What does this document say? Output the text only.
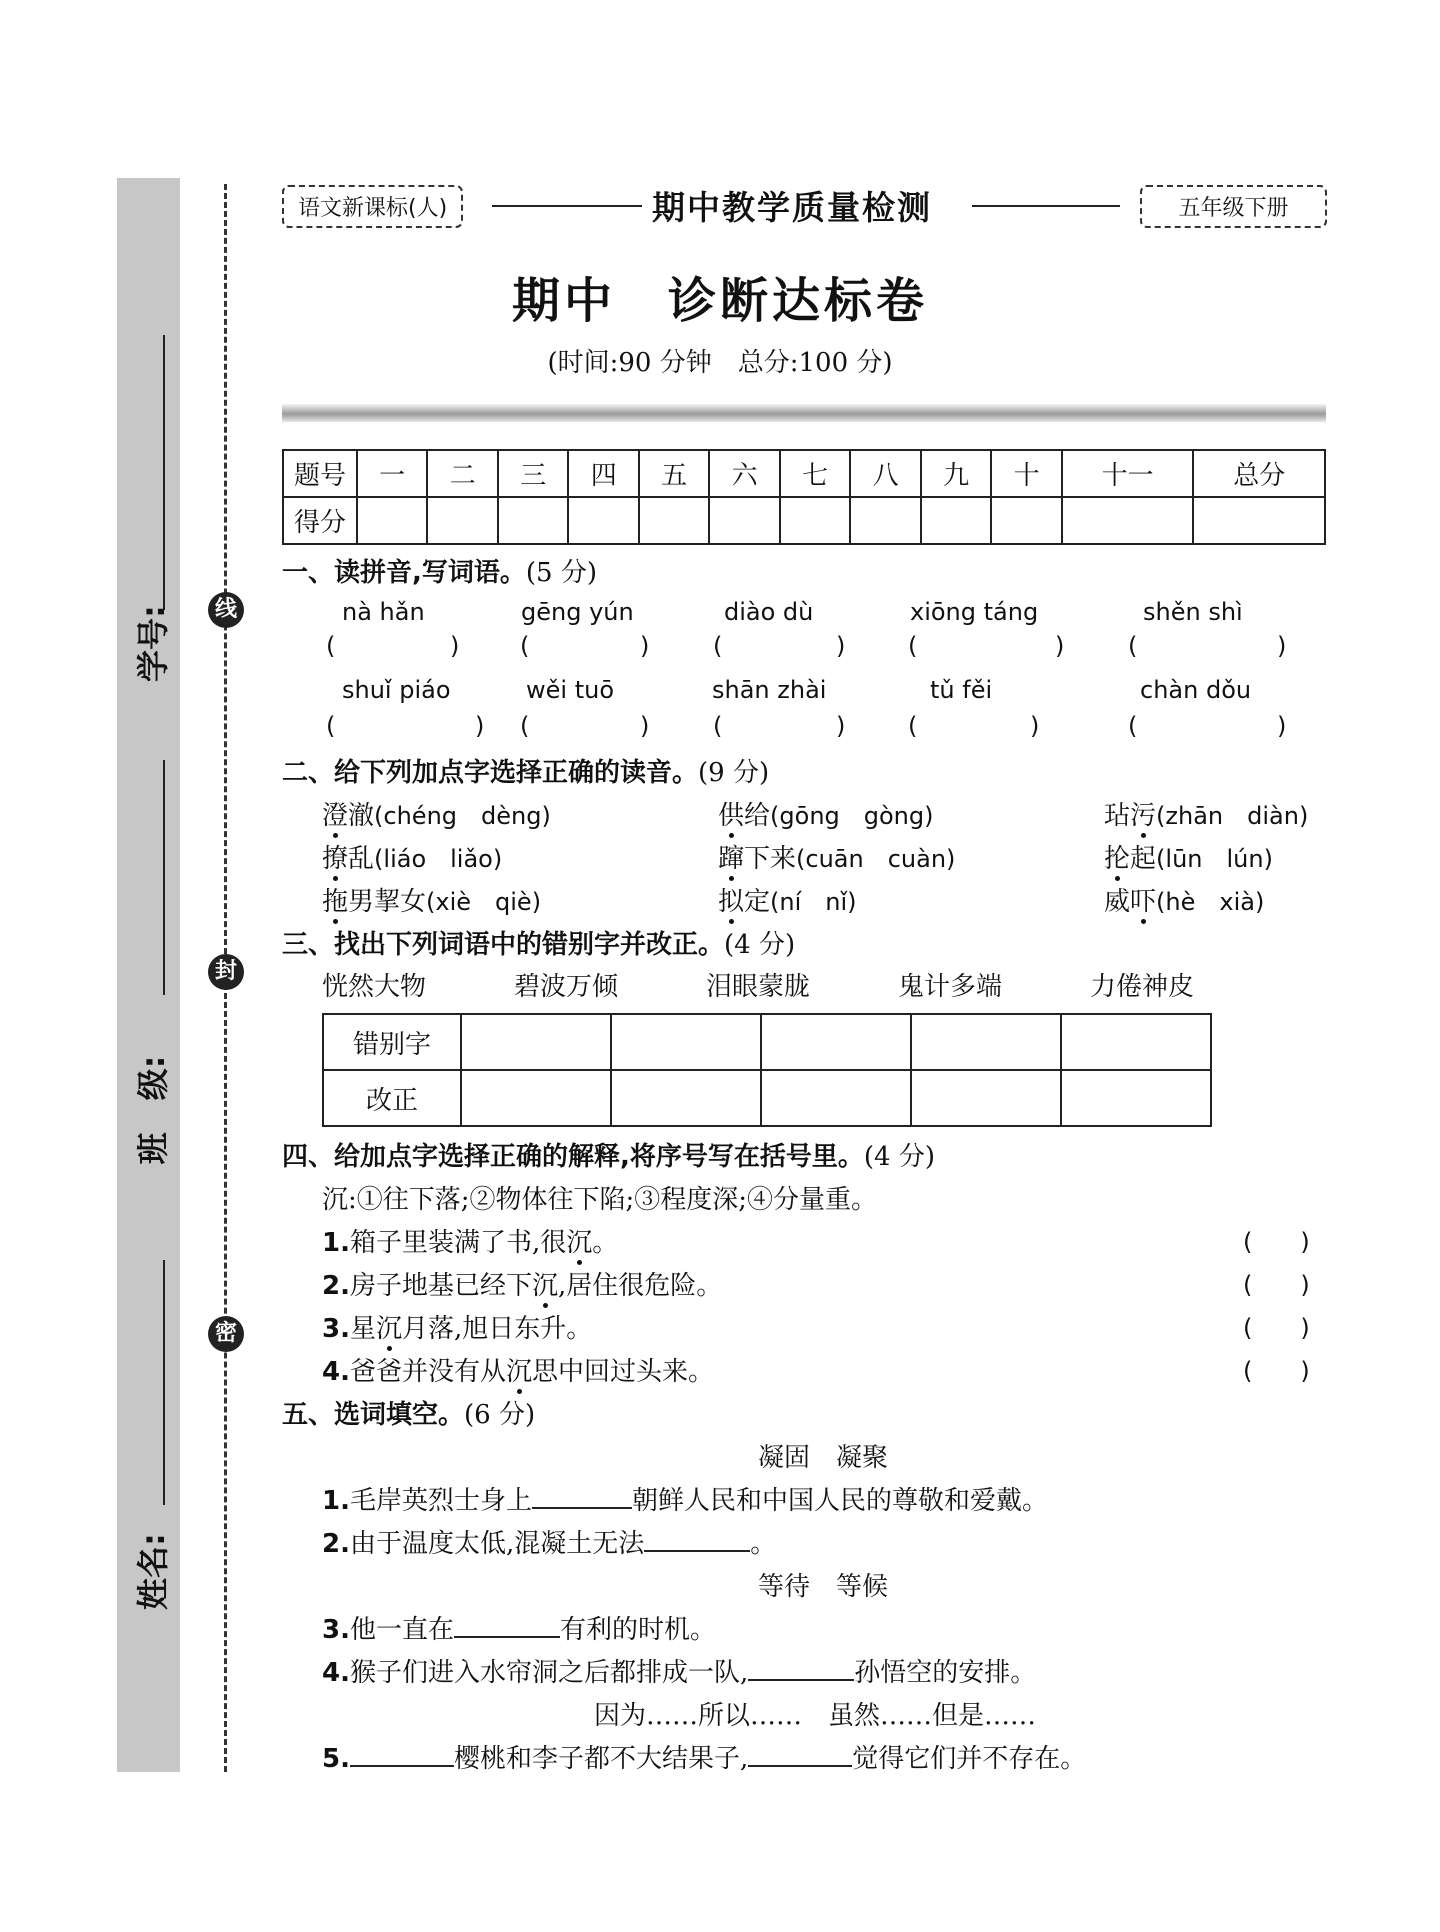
线
封
密
学号:
班　级:
姓名:
语文新课标(人)	期中教学质量检测	五年级下册
期中　诊断达标卷
(时间:90 分钟　总分:100 分)
题号	一	二	三	四	五	六	七	八	九	十	十一	总分
得分												
一、读拼音,写词语。(5 分)
nà hǎn	gēng yún	diào dù	xiōng táng	shěn shì
(	)	(	)	(	)	(	)	(	)
shuǐ piáo	wěi tuō	shān zhài	tǔ fěi	chàn dǒu
(	) (	)	(	)	(	)	(	)
二、给下列加点字选择正确的读音。(9 分)
澄澈(chéng　dèng)	供给(gōng　gòng)	玷污(zhān　diàn)
撩乱(liáo　liǎo)	蹿下来(cuān　cuàn)	抡起(lūn　lún)
拖男挈女(xiè　qiè)	拟定(ní　nǐ)	威吓(hè　xià)
三、找出下列词语中的错别字并改正。(4 分)
恍然大物	碧波万倾	泪眼蒙胧	鬼计多端	力倦神皮
错别字					
改正					
四、给加点字选择正确的解释,将序号写在括号里。(4 分)
沉:①往下落;②物体往下陷;③程度深;④分量重。
1.箱子里装满了书,很沉。	(　　)
2.房子地基已经下沉,居住很危险。	(　　)
3.星沉月落,旭日东升。	(　　)
4.爸爸并没有从沉思中回过头来。	(　　)
五、选词填空。(6 分)
凝固　凝聚
1.毛岸英烈士身上	朝鲜人民和中国人民的尊敬和爱戴。
2.由于温度太低,混凝土无法	。
等待　等候
3.他一直在	有利的时机。
4.猴子们进入水帘洞之后都排成一队,	孙悟空的安排。
因为……所以……　虽然……但是……
5.	樱桃和李子都不大结果子,	觉得它们并不存在。
